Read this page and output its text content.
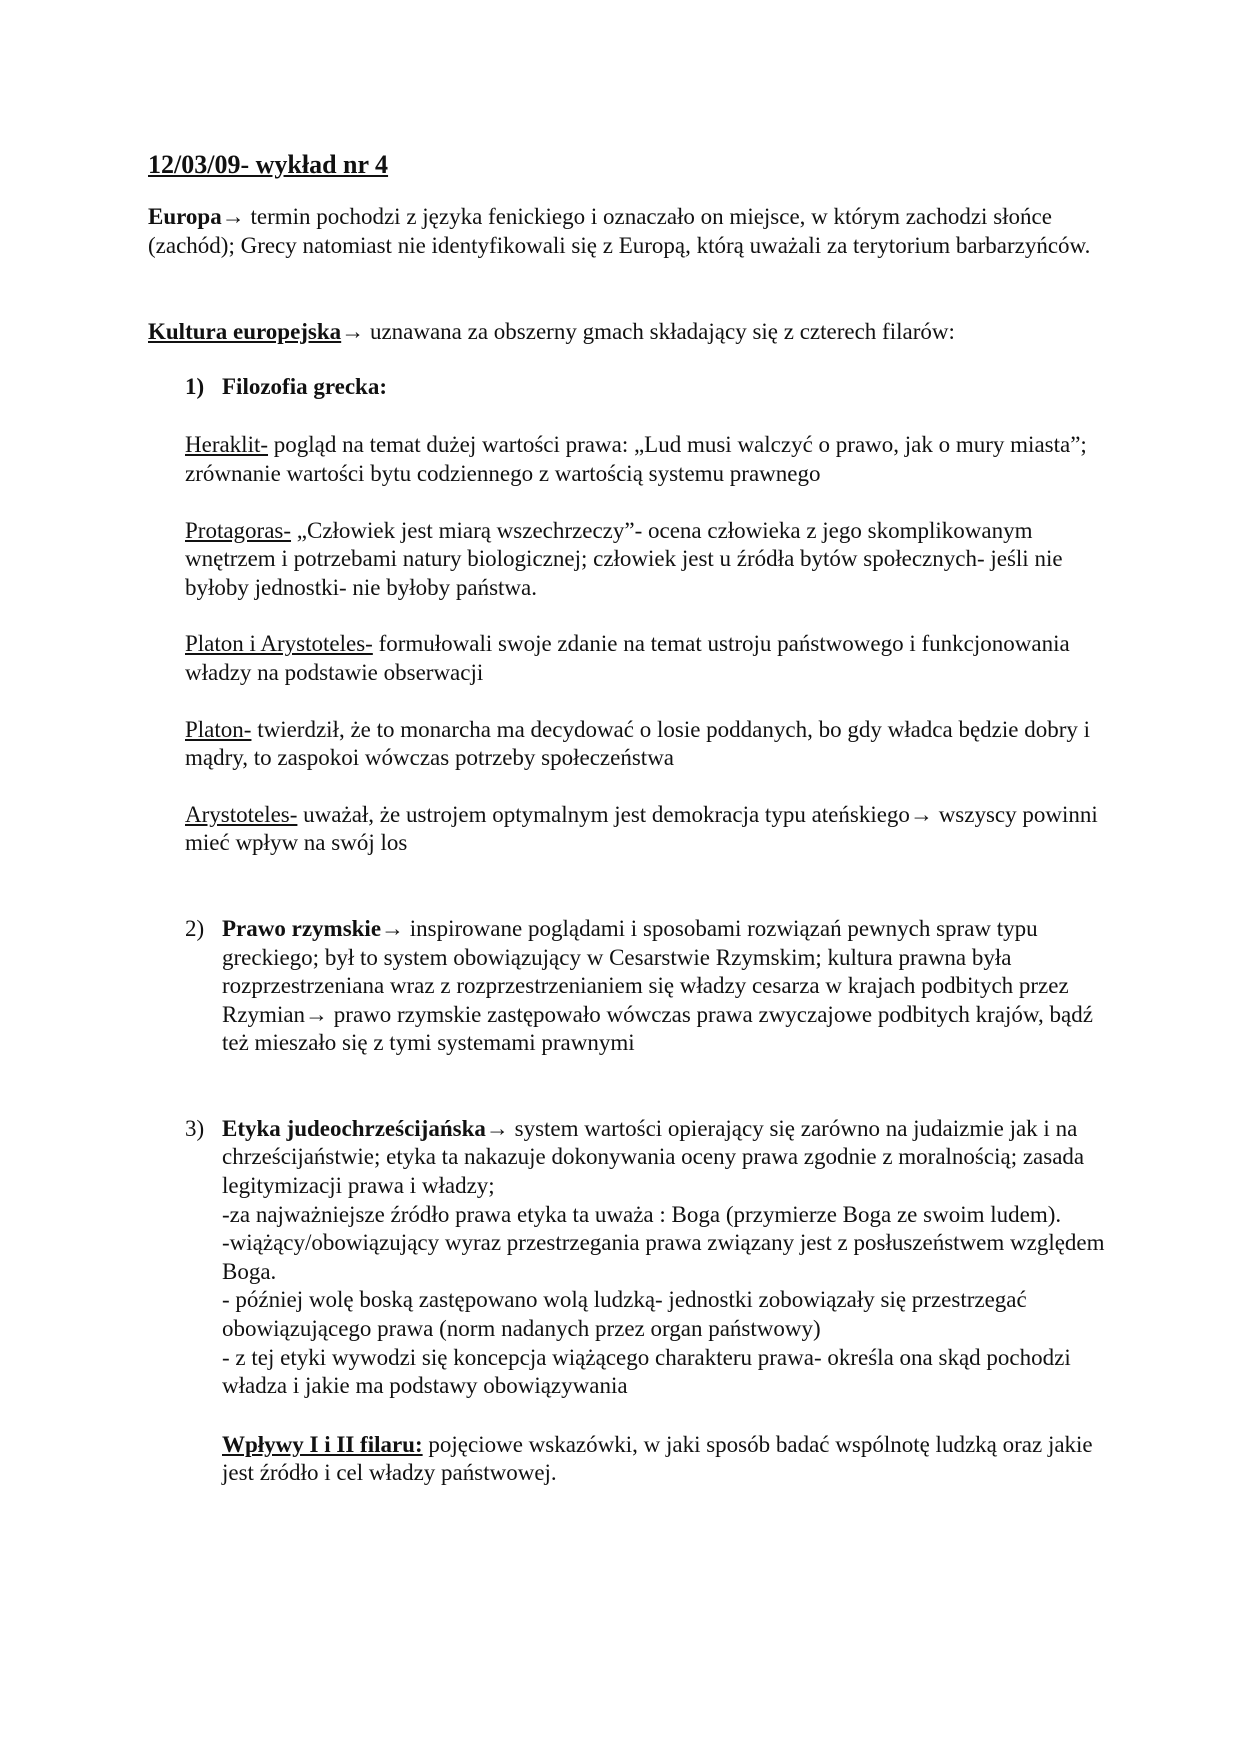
12/03/09- wykład nr 4

Europa→ termin pochodzi z języka fenickiego i oznaczało on miejsce, w którym zachodzi słońce (zachód); Grecy natomiast nie identyfikowali się z Europą, którą uważali za terytorium barbarzyńców.

Kultura europejska→ uznawana za obszerny gmach składający się z czterech filarów:

1) Filozofia grecka:

Heraklit- pogląd na temat dużej wartości prawa: „Lud musi walczyć o prawo, jak o mury miasta”; zrównanie wartości bytu codziennego z wartością systemu prawnego

Protagoras- „Człowiek jest miarą wszechrzeczy”- ocena człowieka z jego skomplikowanym wnętrzem i potrzebami natury biologicznej; człowiek jest u źródła bytów społecznych- jeśli nie byłoby jednostki- nie byłoby państwa.

Platon i Arystoteles- formułowali swoje zdanie na temat ustroju państwowego i funkcjonowania władzy na podstawie obserwacji

Platon- twierdził, że to monarcha ma decydować o losie poddanych, bo gdy władca będzie dobry i mądry, to zaspokoi wówczas potrzeby społeczeństwa

Arystoteles- uważał, że ustrojem optymalnym jest demokracja typu ateńskiego→ wszyscy powinni mieć wpływ na swój los

2) Prawo rzymskie→ inspirowane poglądami i sposobami rozwiązań pewnych spraw typu greckiego; był to system obowiązujący w Cesarstwie Rzymskim; kultura prawna była rozprzestrzeniana wraz z rozprzestrzenianiem się władzy cesarza w krajach podbitych przez Rzymian→ prawo rzymskie zastępowało wówczas prawa zwyczajowe podbitych krajów, bądź też mieszało się z tymi systemami prawnymi
3) Etyka judeochrześcijańska→ system wartości opierający się zarówno na judaizmie jak i na chrześcijaństwie; etyka ta nakazuje dokonywania oceny prawa zgodnie z moralnością; zasada legitymizacji prawa i władzy;
-za najważniejsze źródło prawa etyka ta uważa : Boga (przymierze Boga ze swoim ludem).
-wiążący/obowiązujący wyraz przestrzegania prawa związany jest z posłuszeństwem względem Boga.
- później wolę boską zastępowano wolą ludzką- jednostki zobowiązały się przestrzegać obowiązującego prawa (norm nadanych przez organ państwowy)
- z tej etyki wywodzi się koncepcja wiążącego charakteru prawa- określa ona skąd pochodzi władza i jakie ma podstawy obowiązywania
Wpływy I i II filaru: pojęciowe wskazówki, w jaki sposób badać wspólnotę ludzką oraz jakie jest źródło i cel władzy państwowej.
